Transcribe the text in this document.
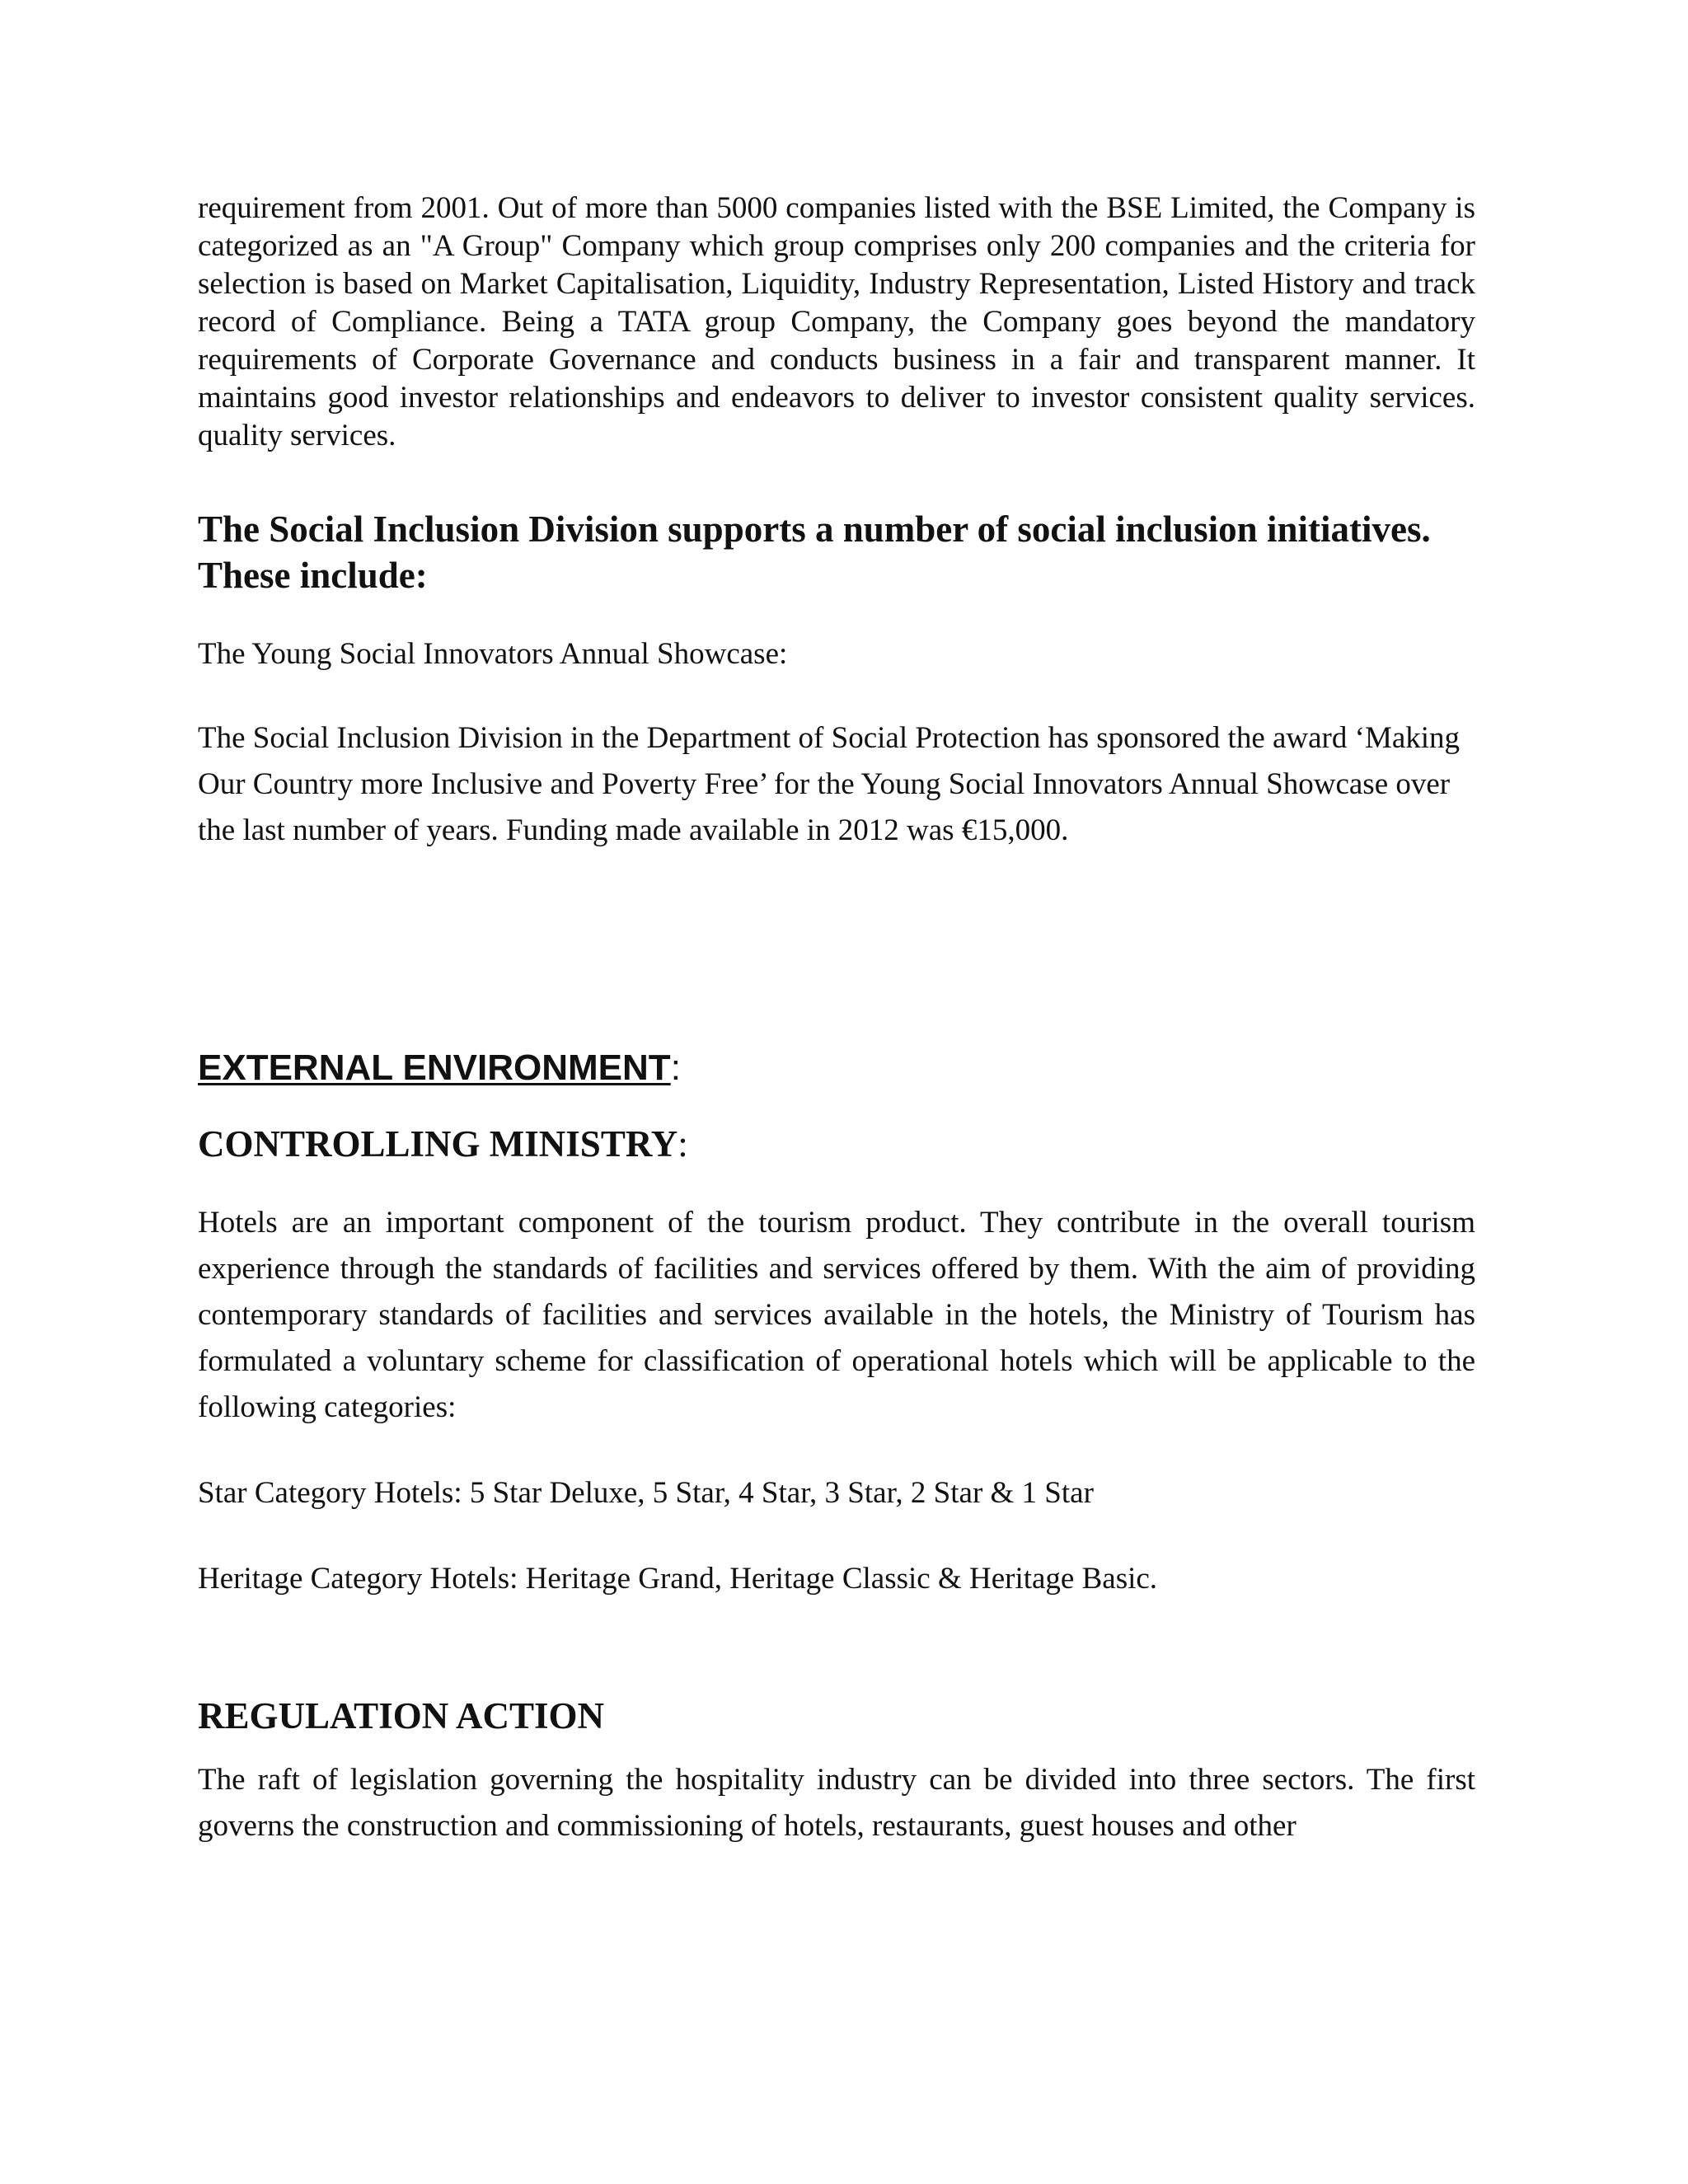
requirement from 2001. Out of more than 5000 companies listed with the BSE Limited, the Company is categorized as an "A Group" Company which group comprises only 200 companies and the criteria for selection is based on Market Capitalisation, Liquidity, Industry Representation, Listed History and track record of Compliance. Being a TATA group Company, the Company goes beyond the mandatory requirements of Corporate Governance and conducts business in a fair and transparent manner. It maintains good investor relationships and endeavors to deliver to investor consistent quality services. quality services.

The Social Inclusion Division supports a number of social inclusion initiatives. These include:

The Young Social Innovators Annual Showcase:

The Social Inclusion Division in the Department of Social Protection has sponsored the award ‘Making Our Country more Inclusive and Poverty Free’ for the Young Social Innovators Annual Showcase over the last number of years. Funding made available in 2012 was €15,000.

EXTERNAL ENVIRONMENT:

CONTROLLING MINISTRY:

Hotels are an important component of the tourism product. They contribute in the overall tourism experience through the standards of facilities and services offered by them. With the aim of providing contemporary standards of facilities and services available in the hotels, the Ministry of Tourism has formulated a voluntary scheme for classification of operational hotels which will be applicable to the following categories:

Star Category Hotels: 5 Star Deluxe, 5 Star, 4 Star, 3 Star, 2 Star & 1 Star

Heritage Category Hotels: Heritage Grand, Heritage Classic & Heritage Basic.

REGULATION ACTION

The raft of legislation governing the hospitality industry can be divided into three sectors. The first governs the construction and commissioning of hotels, restaurants, guest houses and other
